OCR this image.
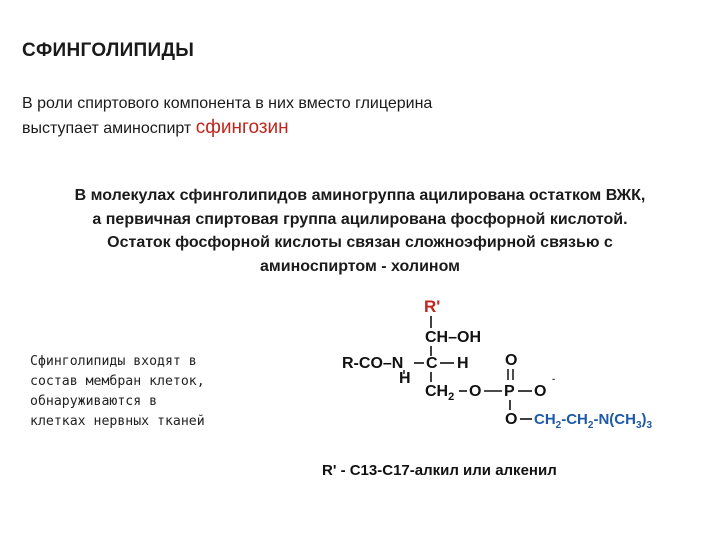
СФИНГОЛИПИДЫ
В роли спиртового компонента в них вместо глицерина
выступает аминоспирт сфингозин
В молекулах сфинголипидов аминогруппа ацилирована остатком ВЖК,
а первичная спиртовая группа ацилирована фосфорной кислотой.
Остаток фосфорной кислоты связан сложноэфирной связью с
аминоспиртом - холином
Сфинголипиды входят в
состав мембран клеток,
обнаруживаются в
клетках нервных тканей
R'
CH–OH
R-CO–N C H
H
$CH_2$ O
O
P O
-
O $CH_2-CH_2-N(CH_3)_3$
R' - C13-C17-алкил или алкенил
